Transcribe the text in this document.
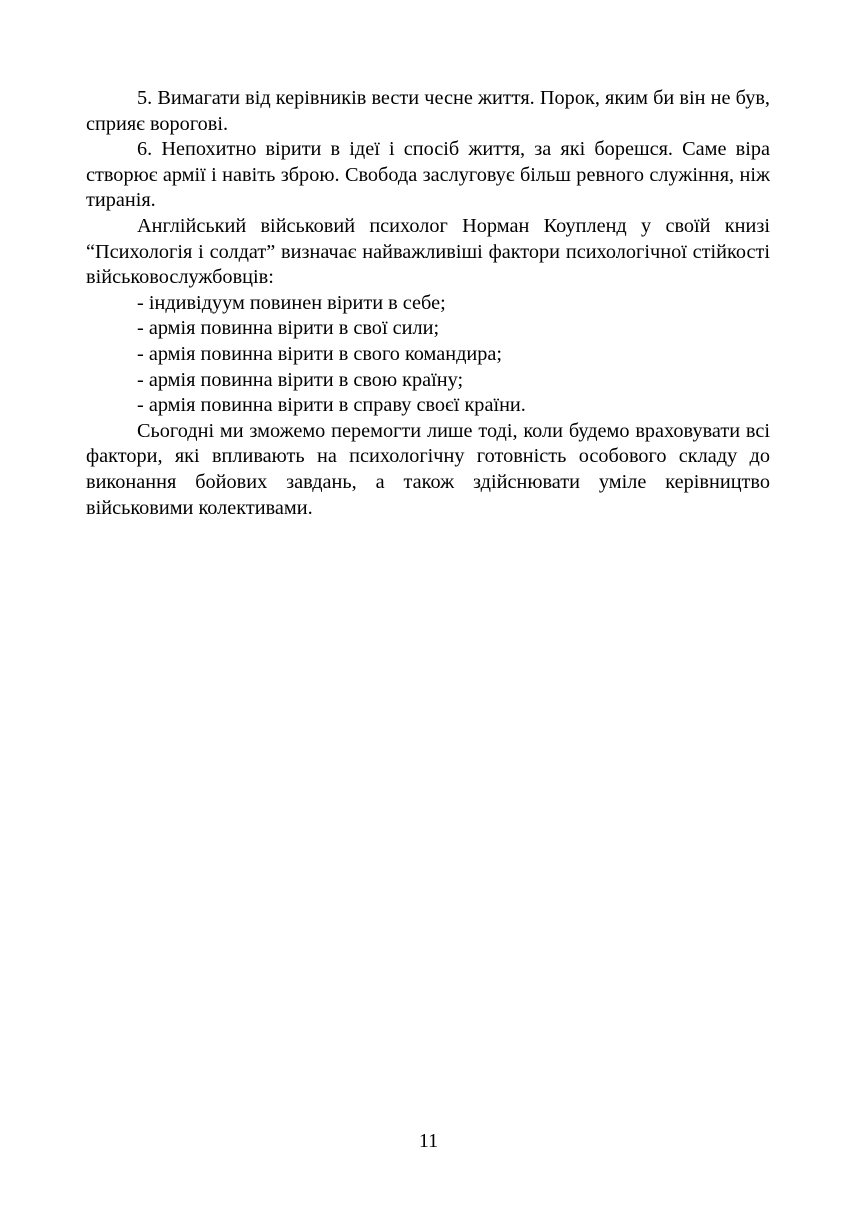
5. Вимагати від керівників вести чесне життя. Порок, яким би він не був, сприяє ворогові.

6. Непохитно вірити в ідеї і спосіб життя, за які борешся. Саме віра створює армії і навіть зброю. Свобода заслуговує більш ревного служіння, ніж тиранія.

Англійський військовий психолог Норман Коупленд у своїй книзі “Психологія і солдат” визначає найважливіші фактори психологічної стійкості військовослужбовців:

- індивідуум повинен вірити в себе;

- армія повинна вірити в свої сили;

- армія повинна вірити в свого командира;

- армія повинна вірити в свою країну;

- армія повинна вірити в справу своєї країни.

Сьогодні ми зможемо перемогти лише тоді, коли будемо враховувати всі фактори, які впливають на психологічну готовність особового складу до виконання бойових завдань, а також здійснювати уміле керівництво військовими колективами.

11
